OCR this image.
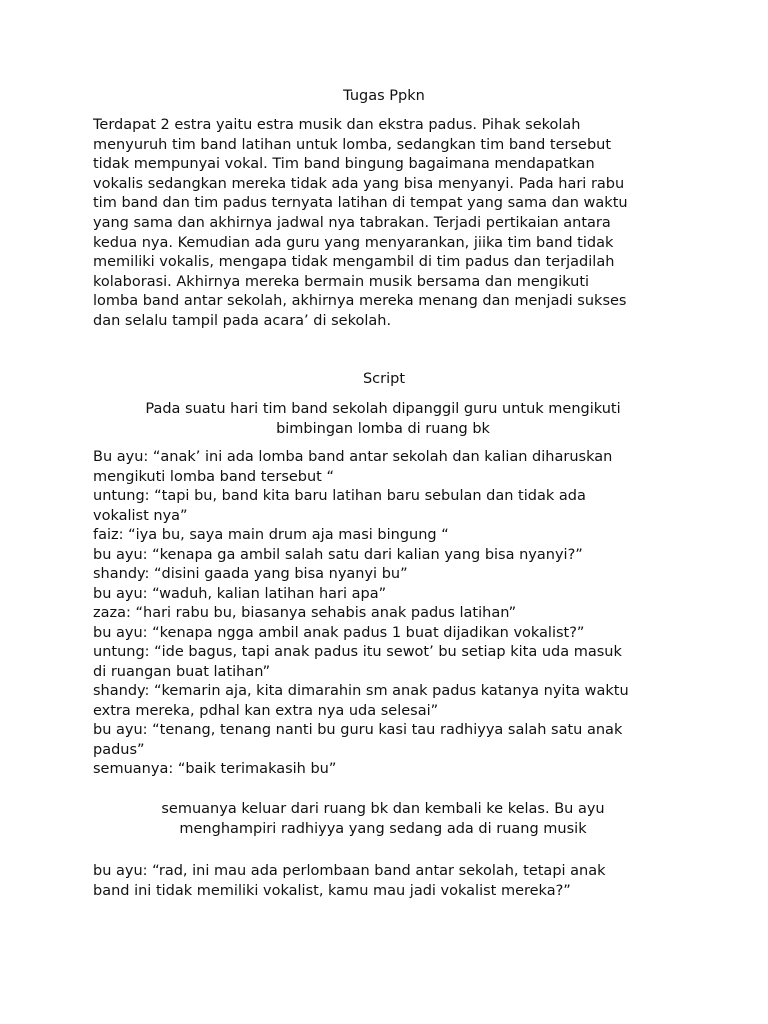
Tugas Ppkn
Terdapat 2 estra yaitu estra musik dan ekstra padus. Pihak sekolah
menyuruh tim band latihan untuk lomba, sedangkan tim band tersebut
tidak mempunyai vokal. Tim band bingung bagaimana mendapatkan
vokalis sedangkan mereka tidak ada yang bisa menyanyi. Pada hari rabu
tim band dan tim padus ternyata latihan di tempat yang sama dan waktu
yang sama dan akhirnya jadwal nya tabrakan. Terjadi pertikaian antara
kedua nya. Kemudian ada guru yang menyarankan, jiika tim band tidak
memiliki vokalis, mengapa tidak mengambil di tim padus dan terjadilah
kolaborasi. Akhirnya mereka bermain musik bersama dan mengikuti
lomba band antar sekolah, akhirnya mereka menang dan menjadi sukses
dan selalu tampil pada acara’ di sekolah.
Script
Pada suatu hari tim band sekolah dipanggil guru untuk mengikuti
bimbingan lomba di ruang bk
Bu ayu: “anak’ ini ada lomba band antar sekolah dan kalian diharuskan
mengikuti lomba band tersebut “
untung: “tapi bu, band kita baru latihan baru sebulan dan tidak ada
vokalist nya”
faiz: “iya bu, saya main drum aja masi bingung “
bu ayu: “kenapa ga ambil salah satu dari kalian yang bisa nyanyi?”
shandy: “disini gaada yang bisa nyanyi bu”
bu ayu: “waduh, kalian latihan hari apa”
zaza: “hari rabu bu, biasanya sehabis anak padus latihan”
bu ayu: “kenapa ngga ambil anak padus 1 buat dijadikan vokalist?”
untung: “ide bagus, tapi anak padus itu sewot’ bu setiap kita uda masuk
di ruangan buat latihan”
shandy: “kemarin aja, kita dimarahin sm anak padus katanya nyita waktu
extra mereka, pdhal kan extra nya uda selesai”
bu ayu: “tenang, tenang nanti bu guru kasi tau radhiyya salah satu anak
padus”
semuanya: “baik terimakasih bu”
semuanya keluar dari ruang bk dan kembali ke kelas. Bu ayu
menghampiri radhiyya yang sedang ada di ruang musik
bu ayu: “rad, ini mau ada perlombaan band antar sekolah, tetapi anak
band ini tidak memiliki vokalist, kamu mau jadi vokalist mereka?”
